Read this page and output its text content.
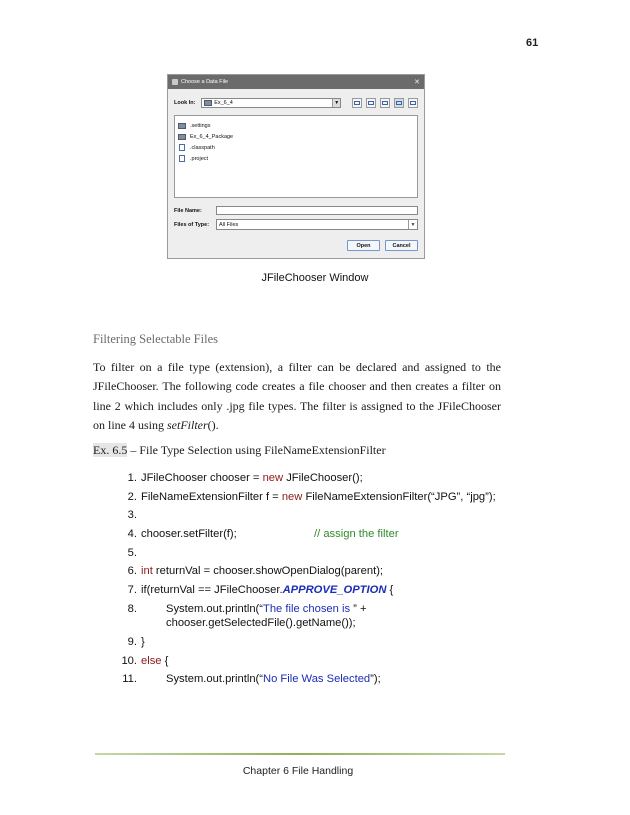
61
Choose a Data File	✕
Look In:	Ex_6_4	▼
.settings
Ex_6_4_Package
.classpath
.project
File Name:
Files of Type:	All Files	▼
Open	Cancel
JFileChooser Window
Filtering Selectable Files
To filter on a file type (extension), a filter can be declared and assigned to the JFileChooser. The following code creates a file chooser and then creates a filter on line 2 which includes only .jpg file types. The filter is assigned to the JFileChooser on line 4 using setFilter().
Ex. 6.5 – File Type Selection using FileNameExtensionFilter
1. JFileChooser chooser = new JFileChooser();
2. FileNameExtensionFilter f = new FileNameExtensionFilter(“JPG”, “jpg”);
3.
4. chooser.setFilter(f);	// assign the filter
5.
6. int returnVal = chooser.showOpenDialog(parent);
7. if(returnVal == JFileChooser.APPROVE_OPTION {
8.	System.out.println(“The file chosen is ” +
chooser.getSelectedFile().getName());
9. }
10. else {
11.	System.out.println(“No File Was Selected”);
Chapter 6 File Handling
